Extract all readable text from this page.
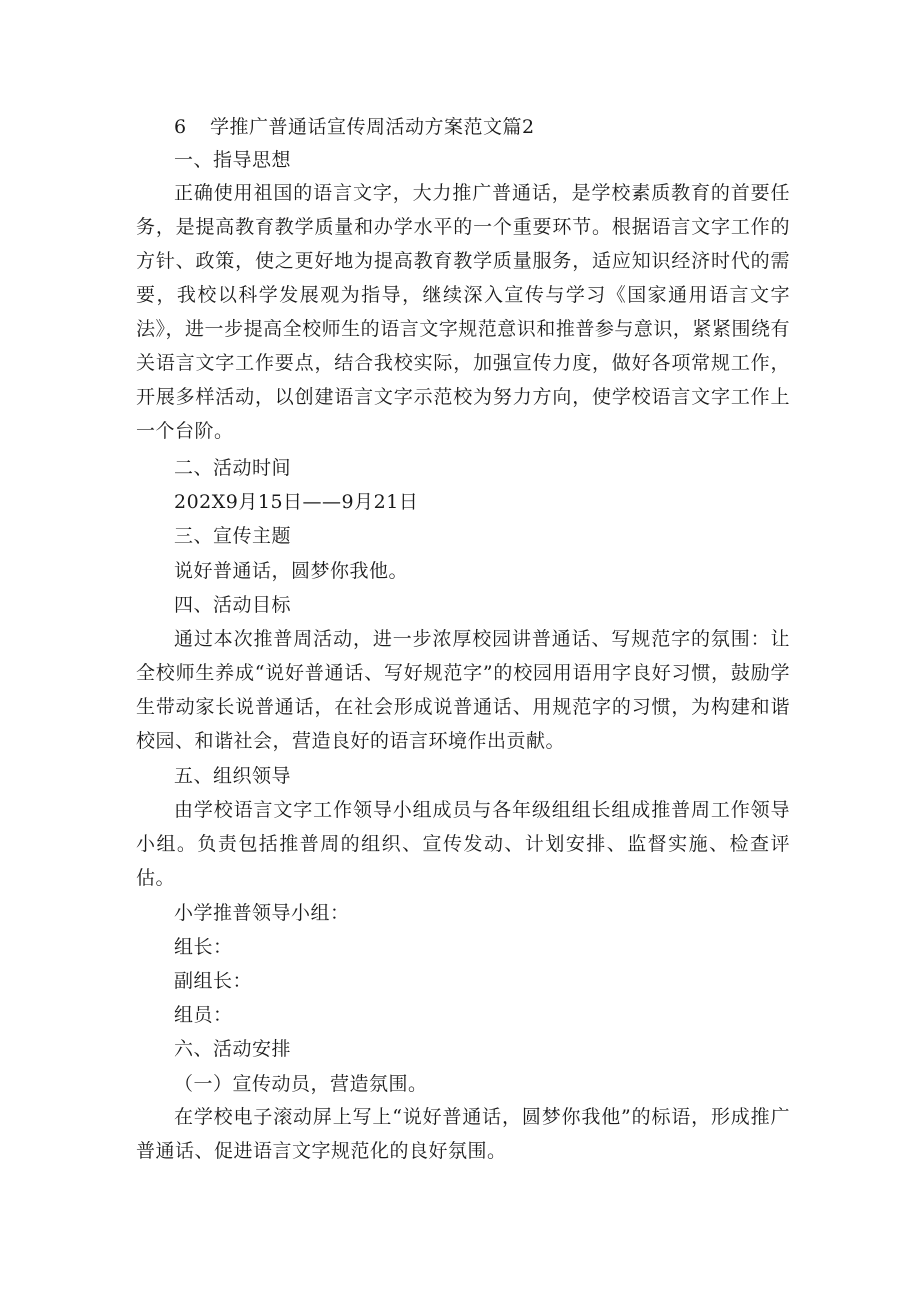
6 学推广普通话宣传周活动方案范文篇2
一、指导思想
正确使用祖国的语言文字，大力推广普通话，是学校素质教育的首要任务，是提高教育教学质量和办学水平的一个重要环节。根据语言文字工作的方针、政策，使之更好地为提高教育教学质量服务，适应知识经济时代的需要，我校以科学发展观为指导，继续深入宣传与学习《国家通用语言文字法》，进一步提高全校师生的语言文字规范意识和推普参与意识，紧紧围绕有关语言文字工作要点，结合我校实际，加强宣传力度，做好各项常规工作，开展多样活动，以创建语言文字示范校为努力方向，使学校语言文字工作上一个台阶。
二、活动时间
202X9月15日——9月21日
三、宣传主题
说好普通话，圆梦你我他。
四、活动目标
通过本次推普周活动，进一步浓厚校园讲普通话、写规范字的氛围：让全校师生养成“说好普通话、写好规范字”的校园用语用字良好习惯，鼓励学生带动家长说普通话，在社会形成说普通话、用规范字的习惯，为构建和谐校园、和谐社会，营造良好的语言环境作出贡献。
五、组织领导
由学校语言文字工作领导小组成员与各年级组组长组成推普周工作领导小组。负责包括推普周的组织、宣传发动、计划安排、监督实施、检查评估。
小学推普领导小组：
组长：
副组长：
组员：
六、活动安排
（一）宣传动员，营造氛围。
在学校电子滚动屏上写上“说好普通话，圆梦你我他”的标语，形成推广普通话、促进语言文字规范化的良好氛围。
